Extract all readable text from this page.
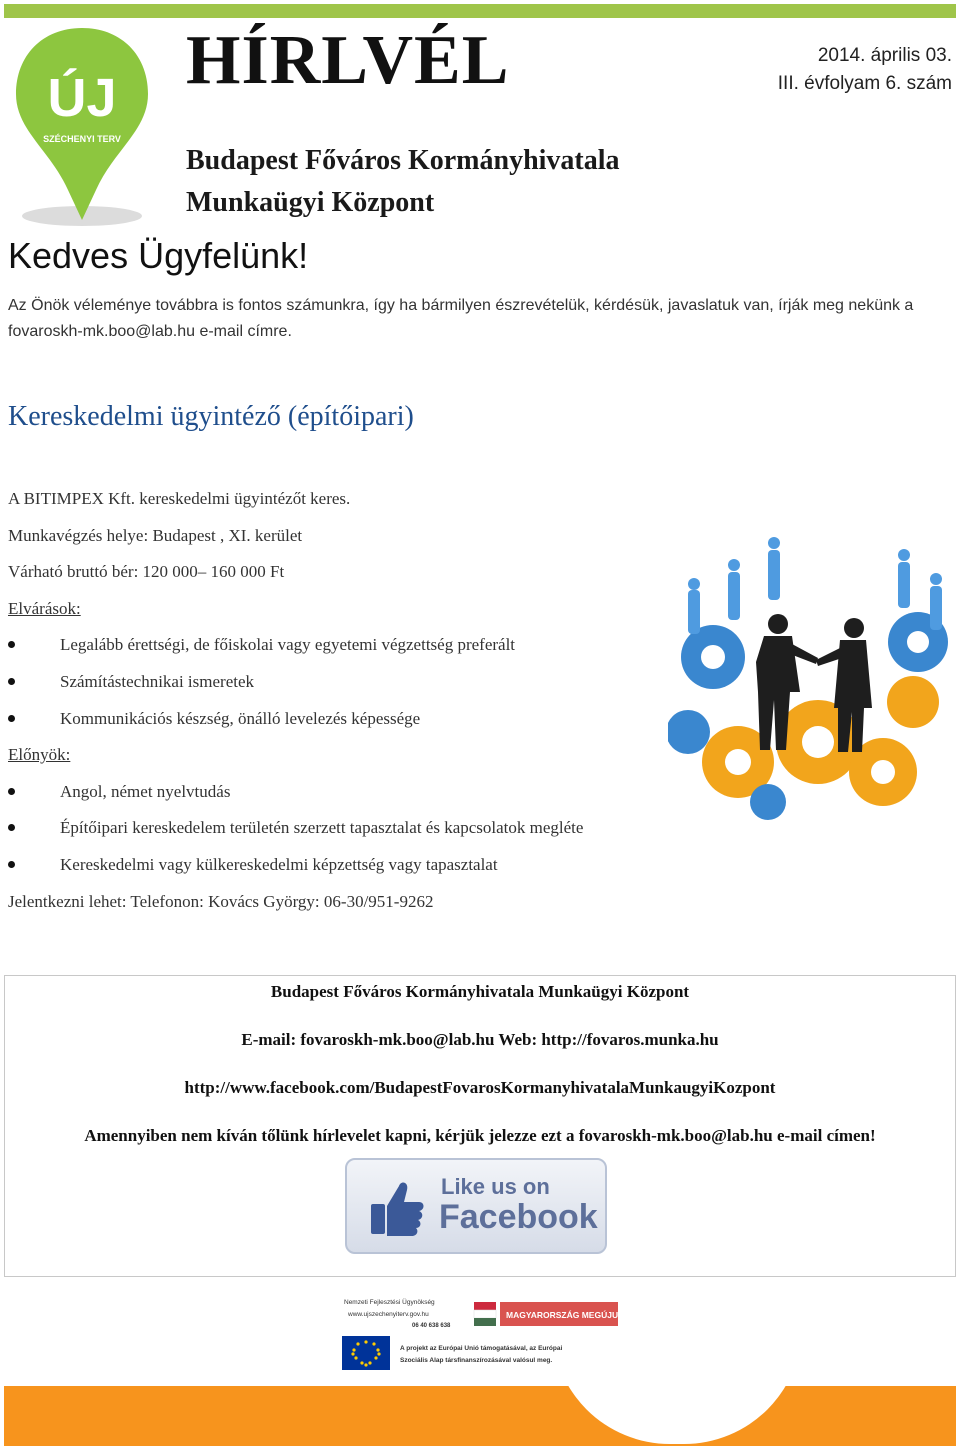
ÚJ
SZÉCHENYI TERV
HÍRLVÉL	2014. április 03.
III. évfolyam 6. szám
Budapest Főváros Kormányhivatala
Munkaügyi Központ
Kedves Ügyfelünk!
Az Önök véleménye továbbra is fontos számunkra, így ha bármilyen észrevételük, kérdésük, javaslatuk van, írják meg nekünk a fovaroskh-mk.boo@lab.hu e-mail címre.
Kereskedelmi ügyintéző (építőipari)
A BITIMPEX Kft. kereskedelmi ügyintézőt keres.
Munkavégzés helye: Budapest , XI. kerület
Várható bruttó bér: 120 000– 160 000 Ft
Elvárások:
Legalább érettségi, de főiskolai vagy egyetemi végzettség preferált
Számítástechnikai ismeretek
Kommunikációs készség, önálló levelezés képessége
Előnyök:
Angol, német nyelvtudás
Építőipari kereskedelem területén szerzett tapasztalat és kapcsolatok megléte
Kereskedelmi vagy külkereskedelmi képzettség vagy tapasztalat
Jelentkezni lehet: Telefonon: Kovács György: 06-30/951-9262
Budapest Főváros Kormányhivatala Munkaügyi Központ
E-mail: fovaroskh-mk.boo@lab.hu Web: http://fovaros.munka.hu
http://www.facebook.com/BudapestFovarosKormanyhivatalaMunkaugyiKozpont
Amennyiben nem kíván tőlünk hírlevelet kapni, kérjük jelezze ezt a fovaroskh-mk.boo@lab.hu e-mail címen!
Like us on
Facebook
Nemzeti Fejlesztési Ügynökség
www.ujszechenyiterv.gov.hu
06 40 638 638
MAGYARORSZÁG MEGÚJUL
A projekt az Európai Unió támogatásával, az Európai
Szociális Alap társfinanszírozásával valósul meg.
